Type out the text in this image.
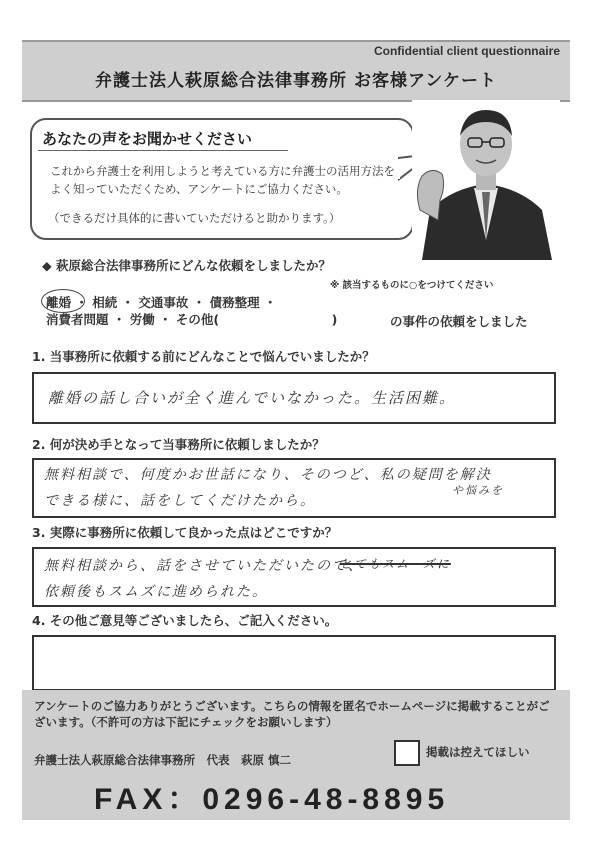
Confidential client questionnaire
弁護士法人萩原総合法律事務所 お客様アンケート
あなたの声をお聞かせください
これから弁護士を利用しようと考えている方に弁護士の活用方法をよく知っていただくため、アンケートにご協力ください。
（できるだけ具体的に書いていただけると助かります。）
◆ 萩原総合法律事務所にどんな依頼をしましたか？
※ 該当するものに○をつけてください
離婚 ・ 相続 ・ 交通事故 ・ 債務整理 ・
消費者問題 ・ 労働 ・ その他(　　　　　　　　　)	の事件の依頼をしました
1. 当事務所に依頼する前にどんなことで悩んでいましたか？
離婚の話し合いが全く進んでいなかった。生活困難。
2. 何が決め手となって当事務所に依頼しましたか？
無料相談で、何度かお世話になり、そのつど、私の疑問を解決
できる様に、話をしてくだけたから。
や悩みを
3. 実際に事務所に依頼して良かった点はどこですか？
無料相談から、話をさせていただいたので、
とてもスムーズに
依頼後もスムズに進められた。
4. その他ご意見等ございましたら、ご記入ください。
アンケートのご協力ありがとうございます。こちらの情報を匿名でホームページに掲載することがございます。（不許可の方は下記にチェックをお願いします）
弁護士法人萩原総合法律事務所　代表　萩原 慎二
掲載は控えてほしい
FAX：0296-48-8895
